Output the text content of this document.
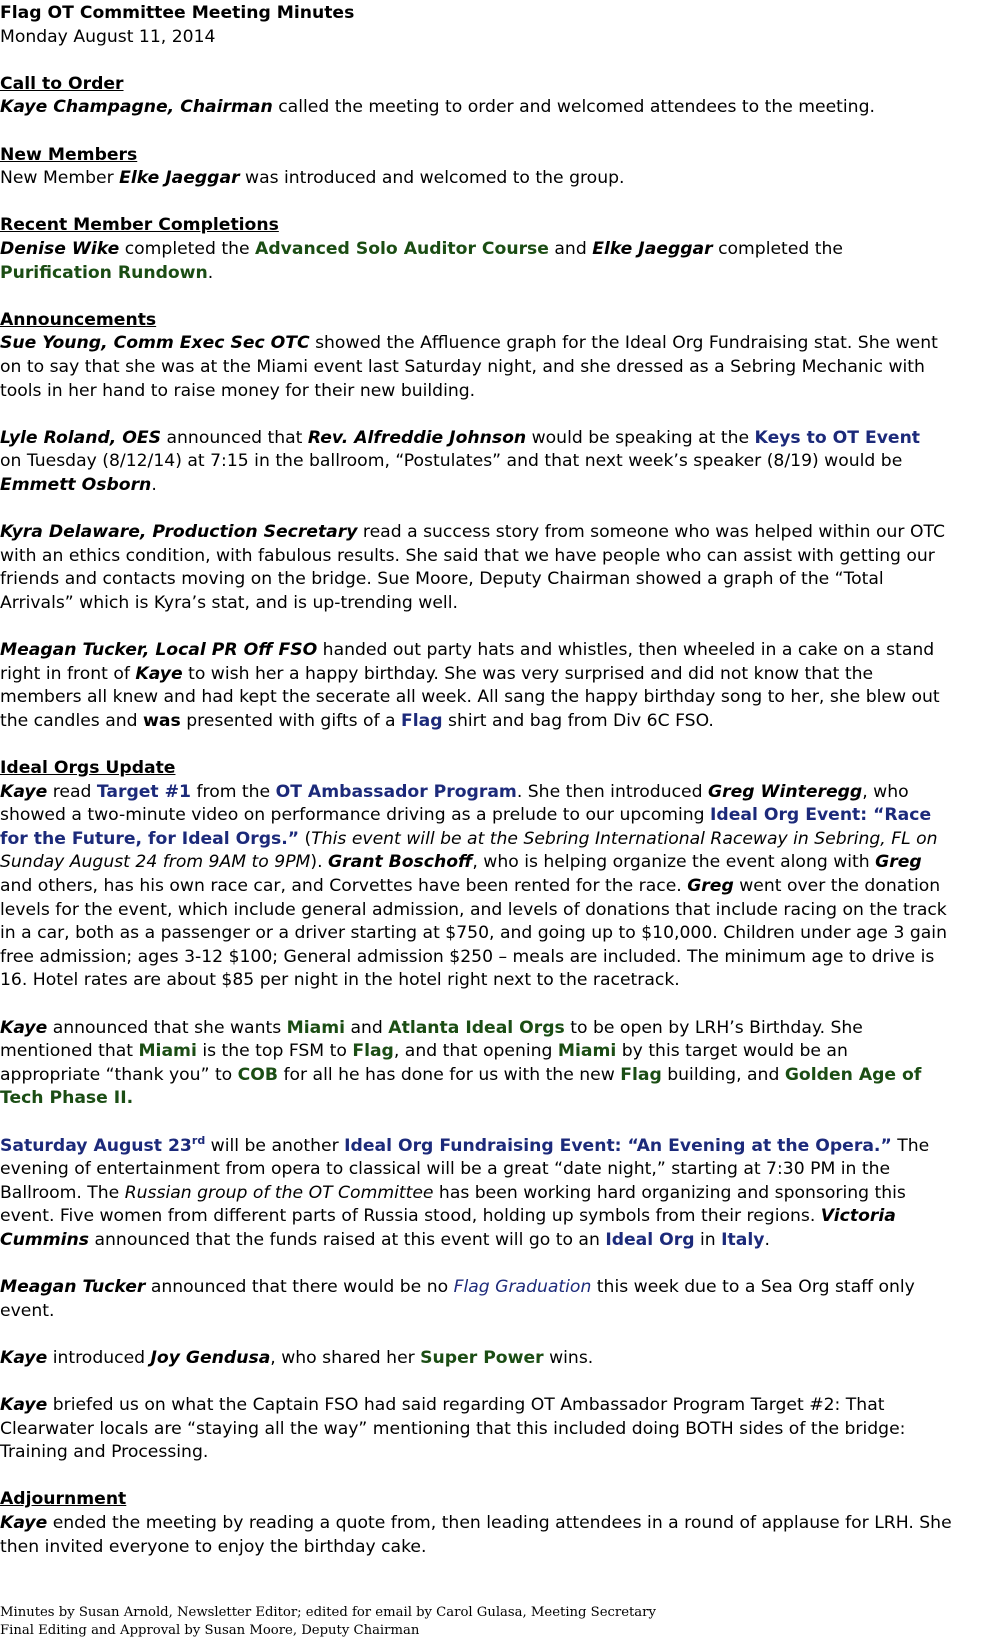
Flag OT Committee Meeting Minutes
Monday August 11, 2014
Call to Order
Kaye Champagne, Chairman called the meeting to order and welcomed attendees to the meeting.
New Members
New Member Elke Jaeggar was introduced and welcomed to the group.
Recent Member Completions
Denise Wike completed the Advanced Solo Auditor Course and Elke Jaeggar completed the
Purification Rundown.
Announcements
Sue Young, Comm Exec Sec OTC showed the Affluence graph for the Ideal Org Fundraising stat. She went
on to say that she was at the Miami event last Saturday night, and she dressed as a Sebring Mechanic with
tools in her hand to raise money for their new building.
Lyle Roland, OES announced that Rev. Alfreddie Johnson would be speaking at the Keys to OT Event
on Tuesday (8/12/14) at 7:15 in the ballroom, “Postulates” and that next week’s speaker (8/19) would be
Emmett Osborn.
Kyra Delaware, Production Secretary read a success story from someone who was helped within our OTC
with an ethics condition, with fabulous results. She said that we have people who can assist with getting our
friends and contacts moving on the bridge. Sue Moore, Deputy Chairman showed a graph of the “Total
Arrivals” which is Kyra’s stat, and is up-trending well.
Meagan Tucker, Local PR Off FSO handed out party hats and whistles, then wheeled in a cake on a stand
right in front of Kaye to wish her a happy birthday. She was very surprised and did not know that the
members all knew and had kept the secerate all week. All sang the happy birthday song to her, she blew out
the candles and was presented with gifts of a Flag shirt and bag from Div 6C FSO.
Ideal Orgs Update
Kaye read Target #1 from the OT Ambassador Program. She then introduced Greg Winteregg, who
showed a two-minute video on performance driving as a prelude to our upcoming Ideal Org Event: “Race
for the Future, for Ideal Orgs.” (This event will be at the Sebring International Raceway in Sebring, FL on
Sunday August 24 from 9AM to 9PM). Grant Boschoff, who is helping organize the event along with Greg
and others, has his own race car, and Corvettes have been rented for the race. Greg went over the donation
levels for the event, which include general admission, and levels of donations that include racing on the track
in a car, both as a passenger or a driver starting at $750, and going up to $10,000. Children under age 3 gain
free admission; ages 3-12 $100; General admission $250 – meals are included. The minimum age to drive is
16. Hotel rates are about $85 per night in the hotel right next to the racetrack.
Kaye announced that she wants Miami and Atlanta Ideal Orgs to be open by LRH’s Birthday. She
mentioned that Miami is the top FSM to Flag, and that opening Miami by this target would be an
appropriate “thank you” to COB for all he has done for us with the new Flag building, and Golden Age of
Tech Phase II.
Saturday August 23rd will be another Ideal Org Fundraising Event: “An Evening at the Opera.” The
evening of entertainment from opera to classical will be a great “date night,” starting at 7:30 PM in the
Ballroom. The Russian group of the OT Committee has been working hard organizing and sponsoring this
event. Five women from different parts of Russia stood, holding up symbols from their regions. Victoria
Cummins announced that the funds raised at this event will go to an Ideal Org in Italy.
Meagan Tucker announced that there would be no Flag Graduation this week due to a Sea Org staff only
event.
Kaye introduced Joy Gendusa, who shared her Super Power wins.
Kaye briefed us on what the Captain FSO had said regarding OT Ambassador Program Target #2: That
Clearwater locals are “staying all the way” mentioning that this included doing BOTH sides of the bridge:
Training and Processing.
Adjournment
Kaye ended the meeting by reading a quote from, then leading attendees in a round of applause for LRH. She
then invited everyone to enjoy the birthday cake.
Minutes by Susan Arnold, Newsletter Editor; edited for email by Carol Gulasa, Meeting Secretary
Final Editing and Approval by Susan Moore, Deputy Chairman
